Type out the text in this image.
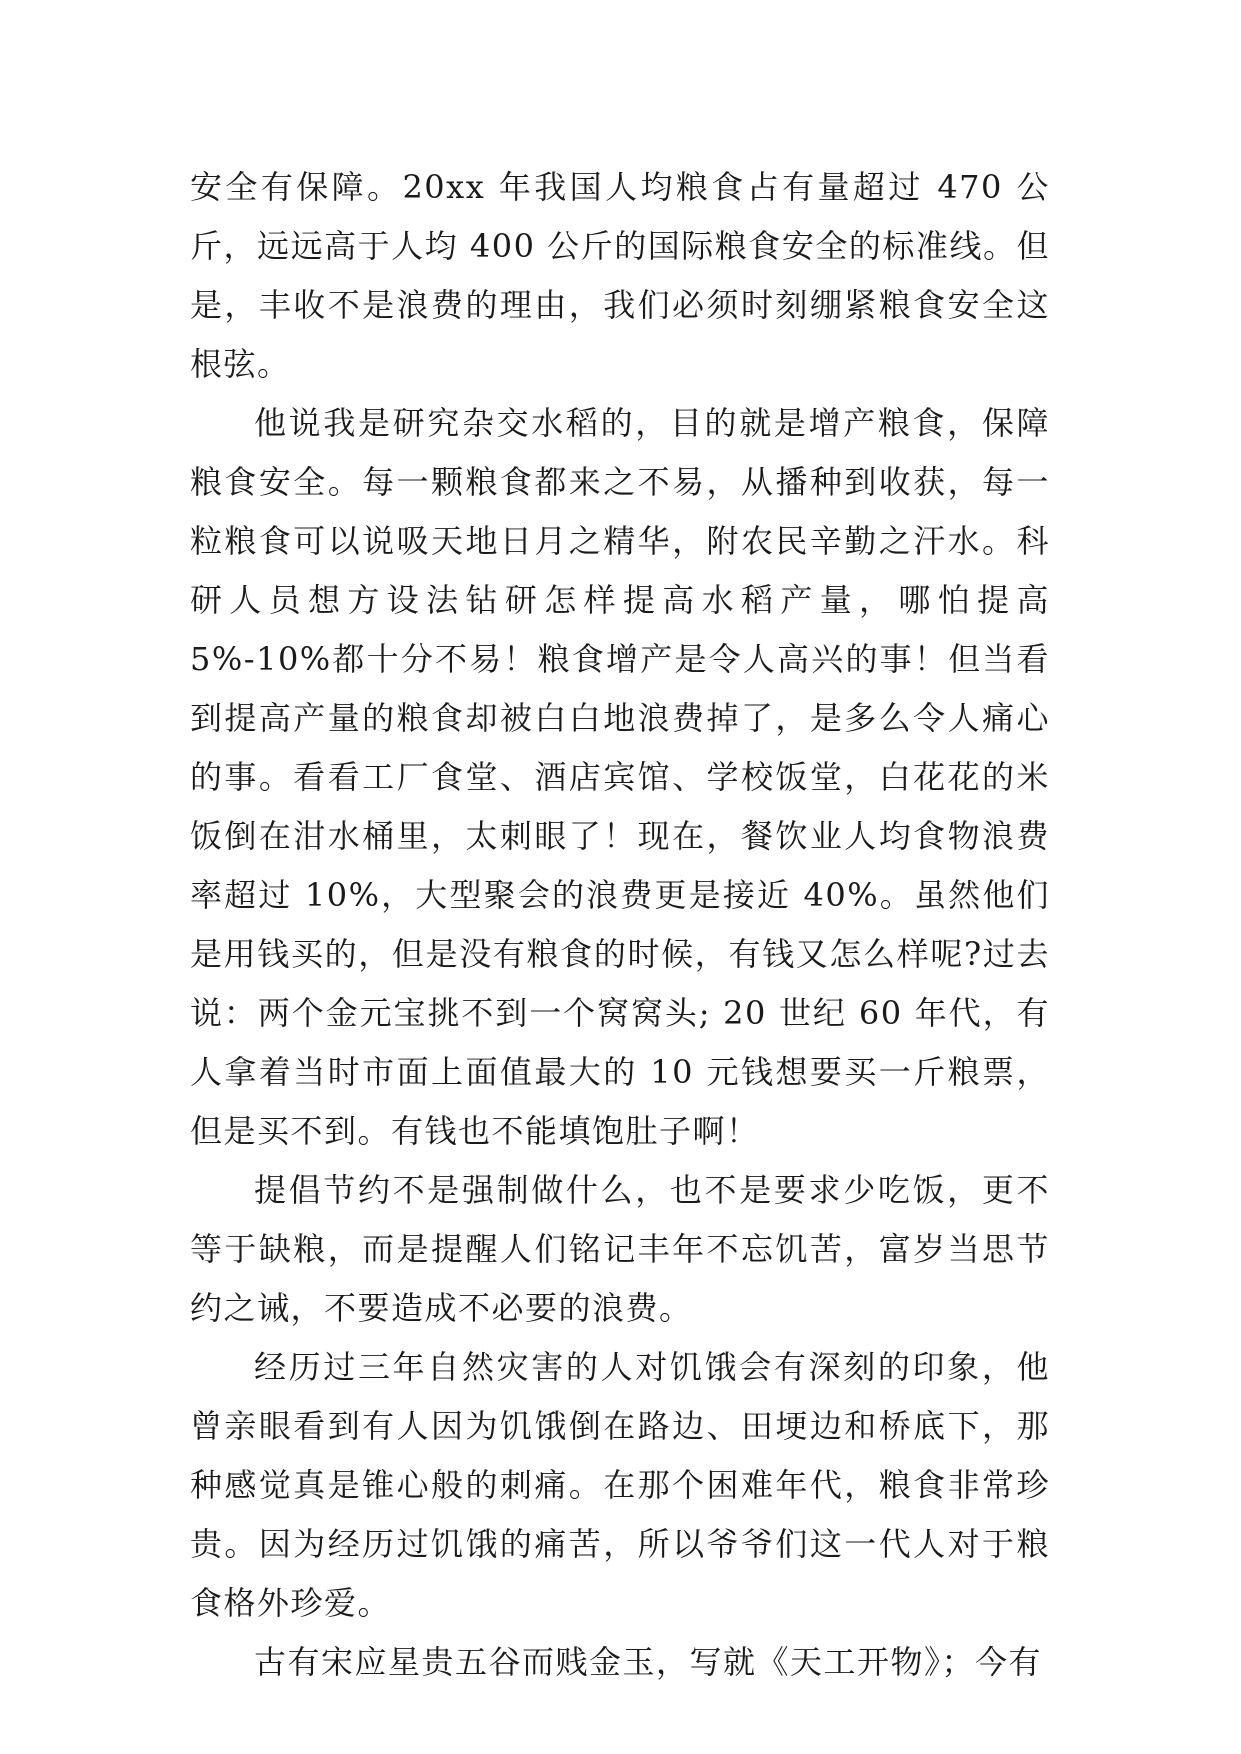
安全有保障。20xx 年我国人均粮食占有量超过 470 公斤，远远高于人均 400 公斤的国际粮食安全的标准线。但是，丰收不是浪费的理由，我们必须时刻绷紧粮食安全这根弦。

他说我是研究杂交水稻的，目的就是增产粮食，保障粮食安全。每一颗粮食都来之不易，从播种到收获，每一粒粮食可以说吸天地日月之精华，附农民辛勤之汗水。科研人员想方设法钻研怎样提高水稻产量，哪怕提高 5%-10%都十分不易！粮食增产是令人高兴的事！但当看到提高产量的粮食却被白白地浪费掉了，是多么令人痛心的事。看看工厂食堂、酒店宾馆、学校饭堂，白花花的米饭倒在泔水桶里，太刺眼了！现在，餐饮业人均食物浪费率超过 10%，大型聚会的浪费更是接近 40%。虽然他们是用钱买的，但是没有粮食的时候，有钱又怎么样呢?过去说：两个金元宝挑不到一个窝窝头; 20 世纪 60 年代，有人拿着当时市面上面值最大的 10 元钱想要买一斤粮票，但是买不到。有钱也不能填饱肚子啊！

提倡节约不是强制做什么，也不是要求少吃饭，更不等于缺粮，而是提醒人们铭记丰年不忘饥苦，富岁当思节约之诫，不要造成不必要的浪费。

经历过三年自然灾害的人对饥饿会有深刻的印象，他曾亲眼看到有人因为饥饿倒在路边、田埂边和桥底下，那种感觉真是锥心般的刺痛。在那个困难年代，粮食非常珍贵。因为经历过饥饿的痛苦，所以爷爷们这一代人对于粮食格外珍爱。

古有宋应星贵五谷而贱金玉，写就《天工开物》；今有
